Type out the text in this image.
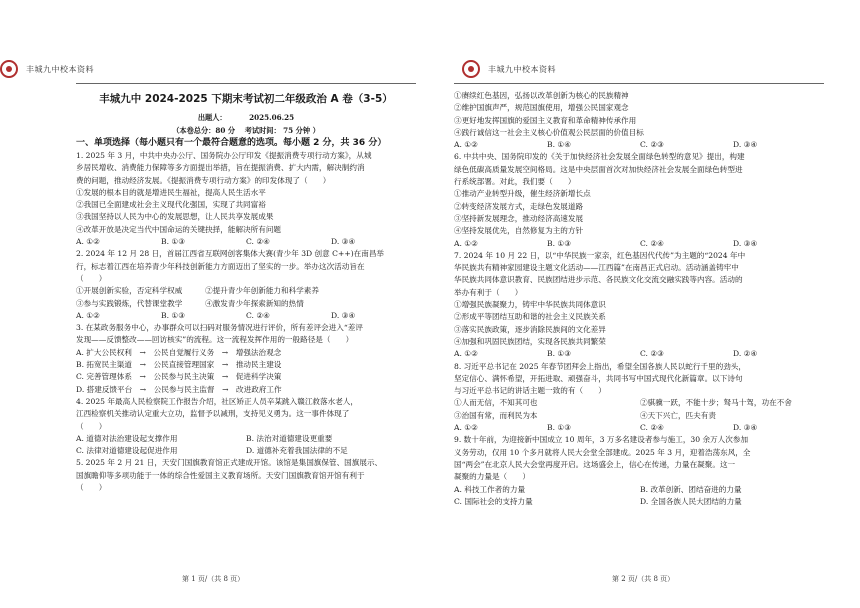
丰城九中校本资料
丰城九中 2024-2025 下期末考试初二年级政治 A 卷（3-5）
出题人：	2025.06.25
（本卷总分：80 分　 考试时间： 75 分钟 ）
一、单项选择（每小题只有一个最符合题意的选项。每小题 2 分，共 36 分）
1. 2025 年 3 月，中共中央办公厅、国务院办公厅印发《提振消费专项行动方案》，从城
乡居民增收、消费能力保障等多方面提出举措，旨在提振消费、扩大内需，解决制约消
费的问题，推动经济发展。《提振消费专项行动方案》的印发体现了（　　）
①发展的根本目的就是增进民生福祉，提高人民生活水平
②我国已全面建成社会主义现代化强国，实现了共同富裕
③我国坚持以人民为中心的发展思想，让人民共享发展成果
④改革开放是决定当代中国命运的关键抉择，能解决所有问题
A. ①②	B. ①③	C. ②④	D. ③④
2. 2024 年 12 月 28 日，首届江西省互联网创客集体大赛(青少年 3D 创意 C++)在南昌举
行，标志着江西在培养青少年科技创新能力方面迈出了坚实的一步。举办这次活动旨在
（　　）
①开展创新实验，否定科学权威　　　②提升青少年创新能力和科学素养
③参与实践锻炼，代替课堂教学　　　④激发青少年探索新知的热情
A. ①②	B. ①③	C. ②④	D. ③④
3. 在某政务服务中心，办事群众可以扫码对服务情况进行评价，所有差评会进入“差评
发现——反馈整改——回访核实”的流程。这一流程发挥作用的一般路径是（　　）
A. 扩大公民权利　→　公民自觉履行义务　→　增强法治观念
B. 拓宽民主渠道　→　公民直接管理国家　→　推动民主建设
C. 完善管理体系　→　公民参与民主决策　→　促进科学决策
D. 搭建反馈平台　→　公民参与民主监督　→　改进政府工作
4. 2025 年最高人民检察院工作报告介绍，社区矫正人员辛某跳入赣江救落水老人，
江西检察机关推动认定重大立功，监督予以减刑，支持见义勇为。这一事件体现了
（　　）
A. 道德对法治建设起支撑作用	B. 法治对道德建设更重要
C. 法律对道德建设起促进作用	D. 道德补充着我国法律的不足
5. 2025 年 2 月 21 日，天安门国旗教育馆正式建成开馆。该馆是集国旗保管、国旗展示、
国旗瞻仰等多项功能于一体的综合性爱国主义教育场所。天安门国旗教育馆开馆有利于
（　　）
第 1 页/（共 8 页）
丰城九中校本资料
①赓续红色基因，弘扬以改革创新为核心的民族精神
②维护国旗声严，规范国旗使用，增强公民国家观念
③更好地发挥国旗的爱国主义教育和革命精神传承作用
④践行诚信这一社会主义核心价值观公民层面的价值目标
A. ①②	B. ①④	C. ②③	D. ③④
6. 中共中央、国务院印发的《关于加快经济社会发展全面绿色转型的意见》提出，构建
绿色低碳高质量发展空间格局。这是中央层面首次对加快经济社会发展全面绿色转型进
行系统部署。对此，我们要（　　）
①推动产业转型升级，催生经济新增长点
②转变经济发展方式，走绿色发展道路
③坚持新发展理念，推动经济高速发展
④坚持发展优先，自然修复为主的方针
A. ①②	B. ①③	C. ②④	D. ③④
7. 2024 年 10 月 22 日，以“中华民族一家亲，红色基因代代传”为主题的“2024 年中
华民族共有精神家园建设主题文化活动——江西篇”在南昌正式启动。活动涵盖铸牢中
华民族共同体意识教育、民族团结进步示范、各民族文化交流交融实践等内容。活动的
举办有利于（　　）
①增强民族凝聚力，铸牢中华民族共同体意识
②形成平等团结互助和谐的社会主义民族关系
③落实民族政策，逐步消除民族间的文化差异
④加强和巩固民族团结，实现各民族共同繁荣
A. ①②	B. ①③	C. ②③	D. ②④
8. 习近平总书记在 2025 年春节团拜会上指出，希望全国各族人民以蛇行千里的劲头，
坚定信心、满怀希望，开拓进取、顽强奋斗，共同书写中国式现代化新篇章。以下诗句
与习近平总书记的讲话主题一致的有（　　）
①人而无信，不知其可也	②骐骥一跃，不能十步；驽马十驾，功在不舍
③治国有常，而利民为本	④天下兴亡，匹夫有责
A. ①②	B. ①③	C. ②④	D. ③④
9. 数十年前，为迎接新中国成立 10 周年，3 万多名建设者参与施工，30 余万人次参加
义务劳动，仅用 10 个多月就将人民大会堂全部建成。2025 年 3 月，迎着浩荡东风，全
国“两会”在北京人民大会堂再度开启。这场盛会上，信心在传递，力量在凝聚。这一
凝聚的力量是（　　）
A. 科技工作者的力量	B. 改革创新、团结奋进的力量
C. 国际社会的支持力量	D. 全国各族人民大团结的力量
第 2 页/（共 8 页）
